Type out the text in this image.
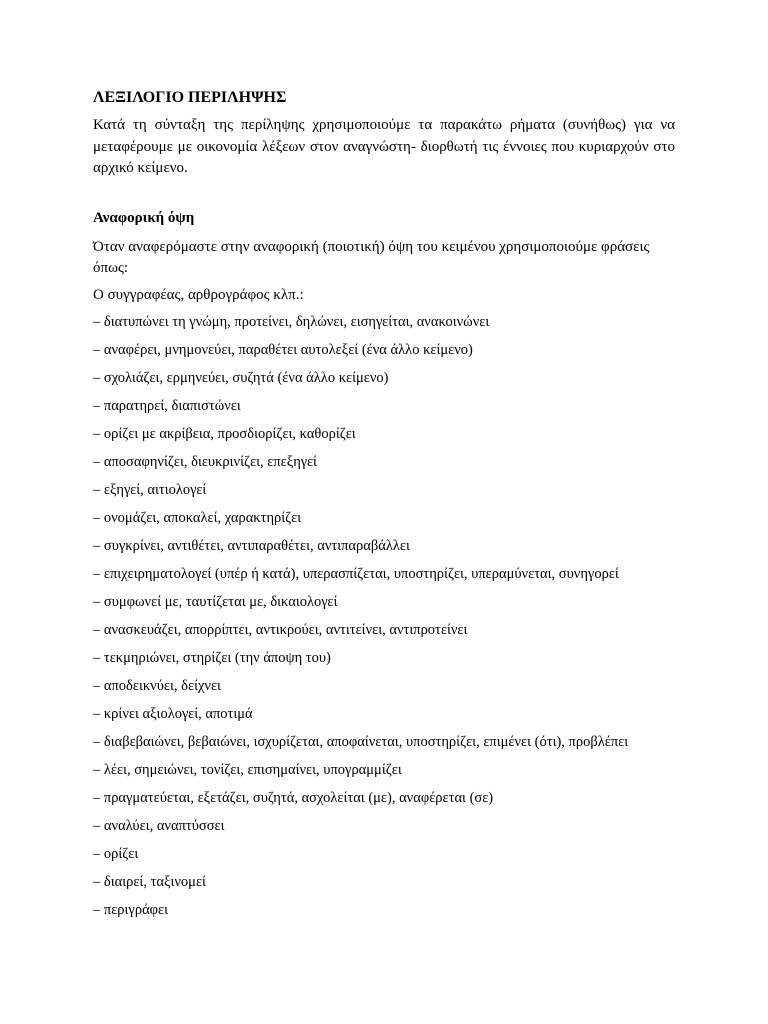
ΛΕΞΙΛΟΓΙΟ ΠΕΡΙΛΗΨΗΣ

Κατά τη σύνταξη της περίληψης χρησιμοποιούμε τα παρακάτω ρήματα (συνήθως) για να μεταφέρουμε με οικονομία λέξεων στον αναγνώστη- διορθωτή τις έννοιες που κυριαρχούν στο αρχικό κείμενο.

Αναφορική όψη

Όταν αναφερόμαστε στην αναφορική (ποιοτική) όψη του κειμένου χρησιμοποιούμε φράσεις όπως:

Ο συγγραφέας, αρθρογράφος κλπ.:

– διατυπώνει τη γνώμη, προτείνει, δηλώνει, εισηγείται, ανακοινώνει
– αναφέρει, μνημονεύει, παραθέτει αυτολεξεί (ένα άλλο κείμενο)
– σχολιάζει, ερμηνεύει, συζητά (ένα άλλο κείμενο)
– παρατηρεί, διαπιστώνει
– ορίζει με ακρίβεια, προσδιορίζει, καθορίζει
– αποσαφηνίζει, διευκρινίζει, επεξηγεί
– εξηγεί, αιτιολογεί
– ονομάζει, αποκαλεί, χαρακτηρίζει
– συγκρίνει, αντιθέτει, αντιπαραθέτει, αντιπαραβάλλει
– επιχειρηματολογεί (υπέρ ή κατά), υπερασπίζεται, υποστηρίζει, υπεραμύνεται, συνηγορεί
– συμφωνεί με, ταυτίζεται με, δικαιολογεί
– ανασκευάζει, απορρίπτει, αντικρούει, αντιτείνει, αντιπροτείνει
– τεκμηριώνει, στηρίζει (την άποψη του)
– αποδεικνύει, δείχνει
– κρίνει αξιολογεί, αποτιμά
– διαβεβαιώνει, βεβαιώνει, ισχυρίζεται, αποφαίνεται, υποστηρίζει, επιμένει (ότι), προβλέπει
– λέει, σημειώνει, τονίζει, επισημαίνει, υπογραμμίζει
– πραγματεύεται, εξετάζει, συζητά, ασχολείται (με), αναφέρεται (σε)
– αναλύει, αναπτύσσει
– ορίζει
– διαιρεί, ταξινομεί
– περιγράφει
